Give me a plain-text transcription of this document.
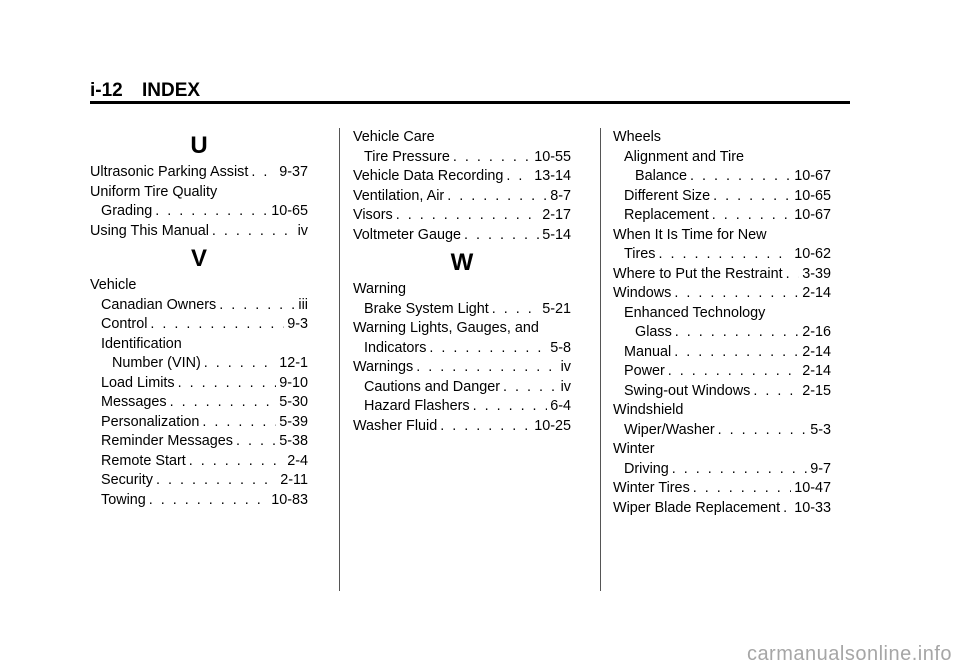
i-12 INDEX
U
Ultrasonic Parking Assist . . . 9-37
Uniform Tire Quality
Grading . . .	10-65
Using This Manual . . .	iv
V
Vehicle
Canadian Owners . . .	iii
Control . . .	9-3
Identification
Number (VIN) . . .	12-1
Load Limits . . .	9-10
Messages . . .	5-30
Personalization . . .	5-39
Reminder Messages . . .	5-38
Remote Start . . .	2-4
Security . . .	2-11
Towing . . .	10-83
Vehicle Care
Tire Pressure . . .	10-55
Vehicle Data Recording . . . 13-14
Ventilation, Air . . .	8-7
Visors . . .	2-17
Voltmeter Gauge . . .	5-14
W
Warning
Brake System Light . . .	5-21
Warning Lights, Gauges, and
Indicators . . .	5-8
Warnings . . .	iv
Cautions and Danger . . .	iv
Hazard Flashers . . .	6-4
Washer Fluid . . .	10-25
Wheels
Alignment and Tire
Balance . . .	10-67
Different Size . . .	10-65
Replacement . . .	10-67
When It Is Time for New
Tires . . .	10-62
Where to Put the Restraint . . . 3-39
Windows . . .	2-14
Enhanced Technology
Glass . . .	2-16
Manual . . .	2-14
Power . . .	2-14
Swing-out Windows . . .	2-15
Windshield
Wiper/Washer . . .	5-3
Winter
Driving . . .	9-7
Winter Tires . . .	10-47
Wiper Blade Replacement . . . 10-33
carmanualsonline.info
